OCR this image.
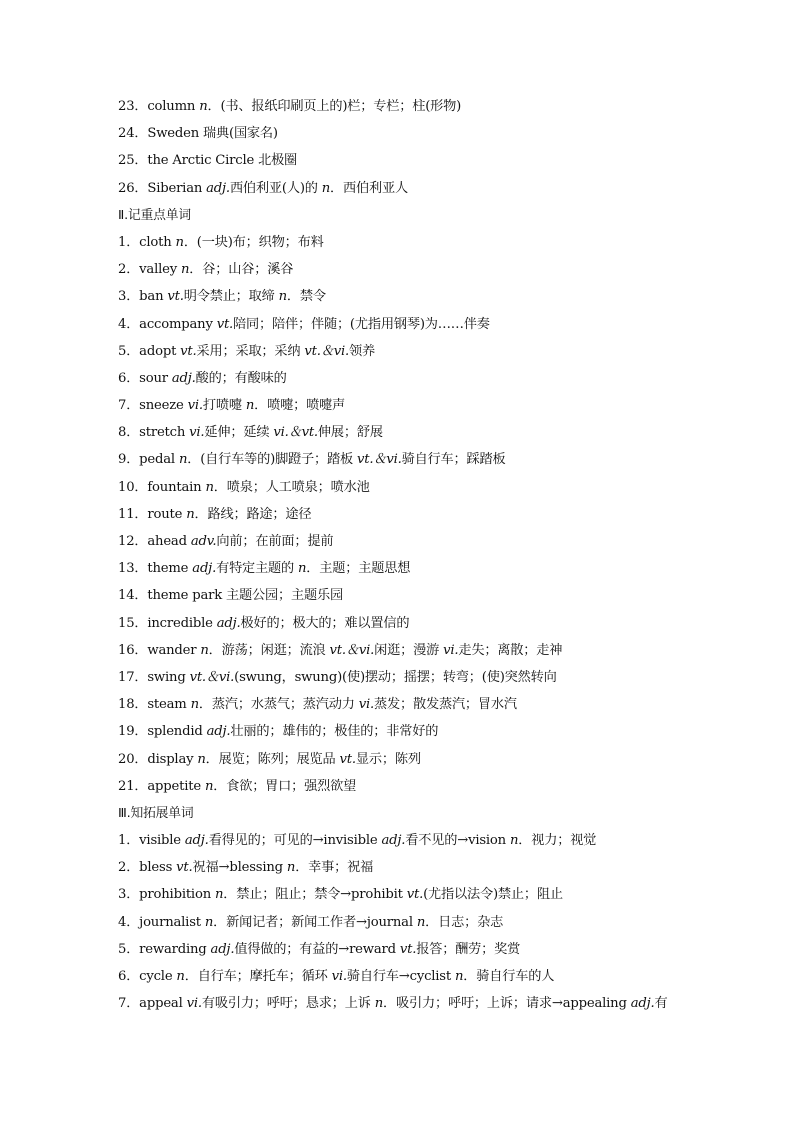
23．column n．(书、报纸印刷页上的)栏；专栏；柱(形物)
24．Sweden 瑞典(国家名)
25．the Arctic Circle 北极圈
26．Siberian adj.西伯利亚(人)的 n．西伯利亚人
Ⅱ.记重点单词
1．cloth n．(一块)布；织物；布料
2．valley n．谷；山谷；溪谷
3．ban vt.明令禁止；取缔 n．禁令
4．accompany vt.陪同；陪伴；伴随；(尤指用钢琴)为……伴奏
5．adopt vt.采用；采取；采纳 vt.＆vi.领养
6．sour adj.酸的；有酸味的
7．sneeze vi.打喷嚏 n．喷嚏；喷嚏声
8．stretch vi.延伸；延续 vi.＆vt.伸展；舒展
9．pedal n．(自行车等的)脚蹬子；踏板 vt.＆vi.骑自行车；踩踏板
10．fountain n．喷泉；人工喷泉；喷水池
11．route n．路线；路途；途径
12．ahead adv.向前；在前面；提前
13．theme adj.有特定主题的 n．主题；主题思想
14．theme park 主题公园；主题乐园
15．incredible adj.极好的；极大的；难以置信的
16．wander n．游荡；闲逛；流浪 vt.＆vi.闲逛；漫游 vi.走失；离散；走神
17．swing vt.＆vi.(swung，swung)(使)摆动；摇摆；转弯；(使)突然转向
18．steam n．蒸汽；水蒸气；蒸汽动力 vi.蒸发；散发蒸汽；冒水汽
19．splendid adj.壮丽的；雄伟的；极佳的；非常好的
20．display n．展览；陈列；展览品 vt.显示；陈列
21．appetite n．食欲；胃口；强烈欲望
Ⅲ.知拓展单词
1．visible adj.看得见的；可见的→invisible adj.看不见的→vision n．视力；视觉
2．bless vt.祝福→blessing n．幸事；祝福
3．prohibition n．禁止；阻止；禁令→prohibit vt.(尤指以法令)禁止；阻止
4．journalist n．新闻记者；新闻工作者→journal n．日志；杂志
5．rewarding adj.值得做的；有益的→reward vt.报答；酬劳；奖赏
6．cycle n．自行车；摩托车；循环 vi.骑自行车→cyclist n．骑自行车的人
7．appeal vi.有吸引力；呼吁；恳求；上诉 n．吸引力；呼吁；上诉；请求→appealing adj.有
